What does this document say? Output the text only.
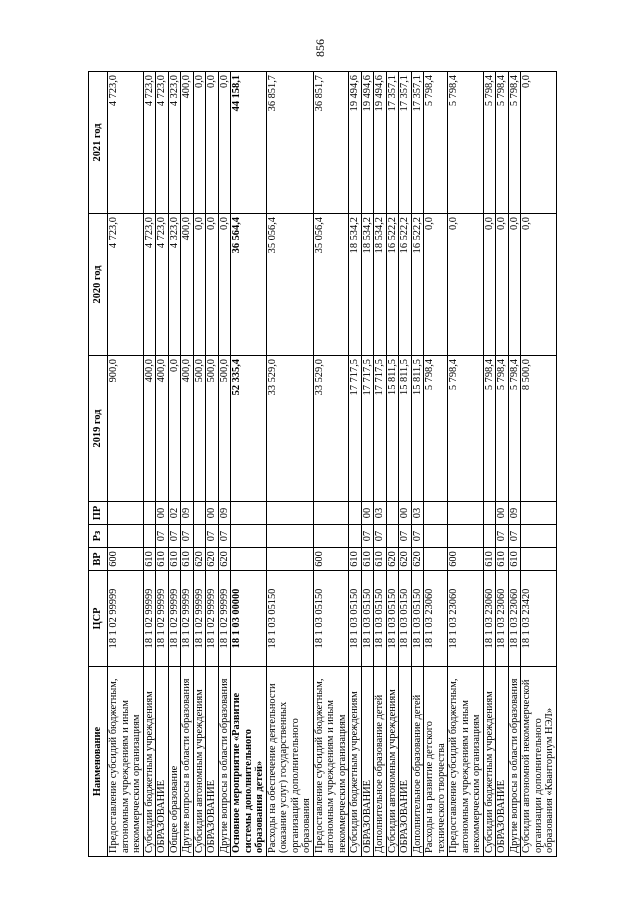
856
Наименование	ЦСР	ВР	Рз	ПР	2019 год	2020 год	2021 год
Предоставление субсидий бюджетным, автономным учреждениям и иным некоммерческим организациям	18 1 02 99999	600			900,0	4 723,0	4 723,0
Субсидии бюджетным учреждениям	18 1 02 99999	610			400,0	4 723,0	4 723,0
ОБРАЗОВАНИЕ	18 1 02 99999	610	07	00	400,0	4 723,0	4 723,0
Общее образование	18 1 02 99999	610	07	02	0,0	4 323,0	4 323,0
Другие вопросы в области образования	18 1 02 99999	610	07	09	400,0	400,0	400,0
Субсидии автономным учреждениям	18 1 02 99999	620			500,0	0,0	0,0
ОБРАЗОВАНИЕ	18 1 02 99999	620	07	00	500,0	0,0	0,0
Другие вопросы в области образования	18 1 02 99999	620	07	09	500,0	0,0	0,0
Основное мероприятие «Развитие системы дополнительного образования детей»	18 1 03 00000				52 335,4	36 564,4	44 158,1
Расходы на обеспечение деятельности (оказание услуг) государственных организаций дополнительного образования	18 1 03 05150				33 529,0	35 056,4	36 851,7
Предоставление субсидий бюджетным, автономным учреждениям и иным некоммерческим организациям	18 1 03 05150	600			33 529,0	35 056,4	36 851,7
Субсидии бюджетным учреждениям	18 1 03 05150	610			17 717,5	18 534,2	19 494,6
ОБРАЗОВАНИЕ	18 1 03 05150	610	07	00	17 717,5	18 534,2	19 494,6
Дополнительное образование детей	18 1 03 05150	610	07	03	17 717,5	18 534,2	19 494,6
Субсидии автономным учреждениям	18 1 03 05150	620			15 811,5	16 522,2	17 357,1
ОБРАЗОВАНИЕ	18 1 03 05150	620	07	00	15 811,5	16 522,2	17 357,1
Дополнительное образование детей	18 1 03 05150	620	07	03	15 811,5	16 522,2	17 357,1
Расходы на развитие детского технического творчества	18 1 03 23060				5 798,4	0,0	5 798,4
Предоставление субсидий бюджетным, автономным учреждениям и иным некоммерческим организациям	18 1 03 23060	600			5 798,4	0,0	5 798,4
Субсидии бюджетным учреждениям	18 1 03 23060	610			5 798,4	0,0	5 798,4
ОБРАЗОВАНИЕ	18 1 03 23060	610	07	00	5 798,4	0,0	5 798,4
Другие вопросы в области образования	18 1 03 23060	610	07	09	5 798,4	0,0	5 798,4
Субсидии автономной некоммерческой организации дополнительного образования «Кванториум НЭЛ»	18 1 03 23420				8 500,0	0,0	0,0
